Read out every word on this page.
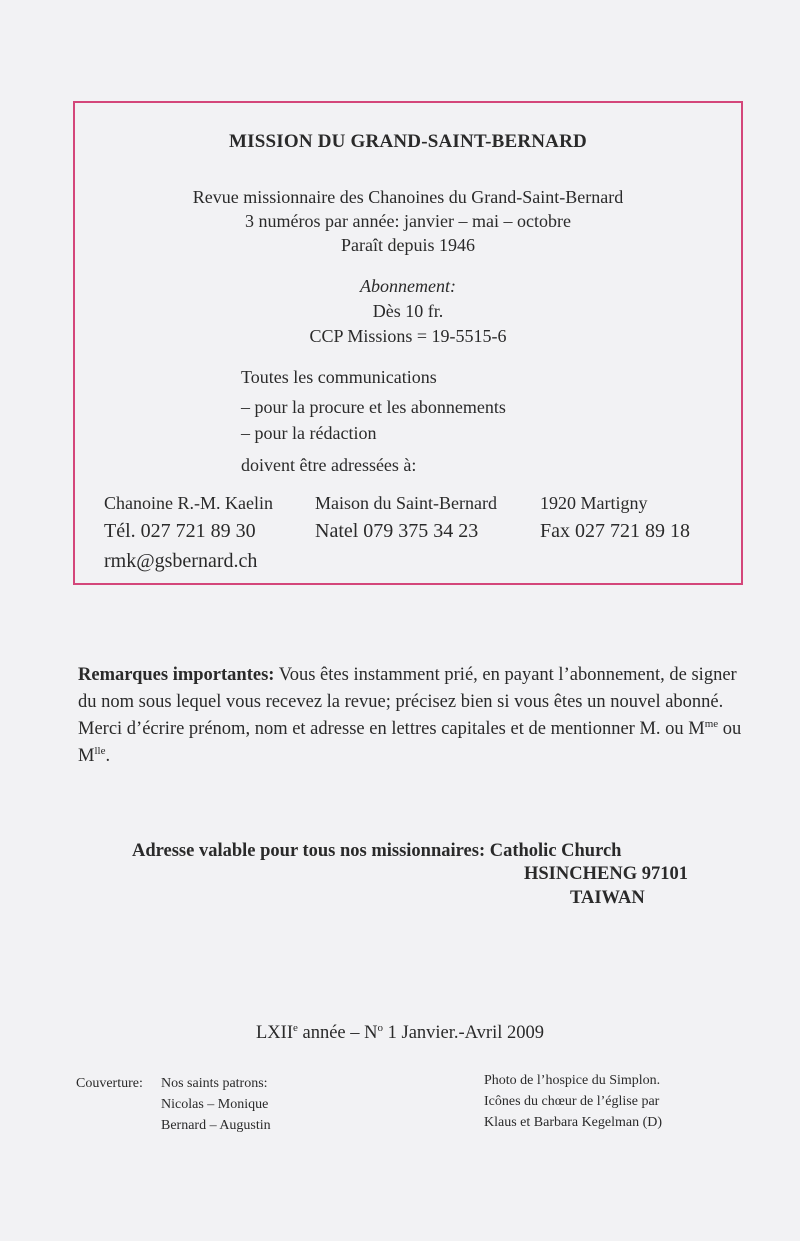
MISSION DU GRAND-SAINT-BERNARD
Revue missionnaire des Chanoines du Grand-Saint-Bernard
3 numéros par année: janvier – mai – octobre
Paraît depuis 1946
Abonnement:
Dès 10 fr.
CCP Missions = 19-5515-6
Toutes les communications
– pour la procure et les abonnements
– pour la rédaction
doivent être adressées à:
Chanoine R.-M. Kaelin Maison du Saint-Bernard 1920 Martigny
Tél. 027 721 89 30	Natel 079 375 34 23	Fax 027 721 89 18
rmk@gsbernard.ch
Remarques importantes: Vous êtes instamment prié, en payant l’abonnement, de signer du nom sous lequel vous recevez la revue; précisez bien si vous êtes un nouvel abonné. Merci d’écrire prénom, nom et adresse en lettres capitales et de mentionner M. ou $M^{me}$ ou $M^{lle}$.
Adresse valable pour tous nos missionnaires: Catholic Church
HSINCHENG 97101
TAIWAN
LXIIe année – $N^o$ 1 Janvier.-Avril 2009
Couverture: Nos saints patrons:
Nicolas – Monique
Bernard – Augustin
Photo de l’hospice du Simplon.
Icônes du chœur de l’église par
Klaus et Barbara Kegelman (D)
